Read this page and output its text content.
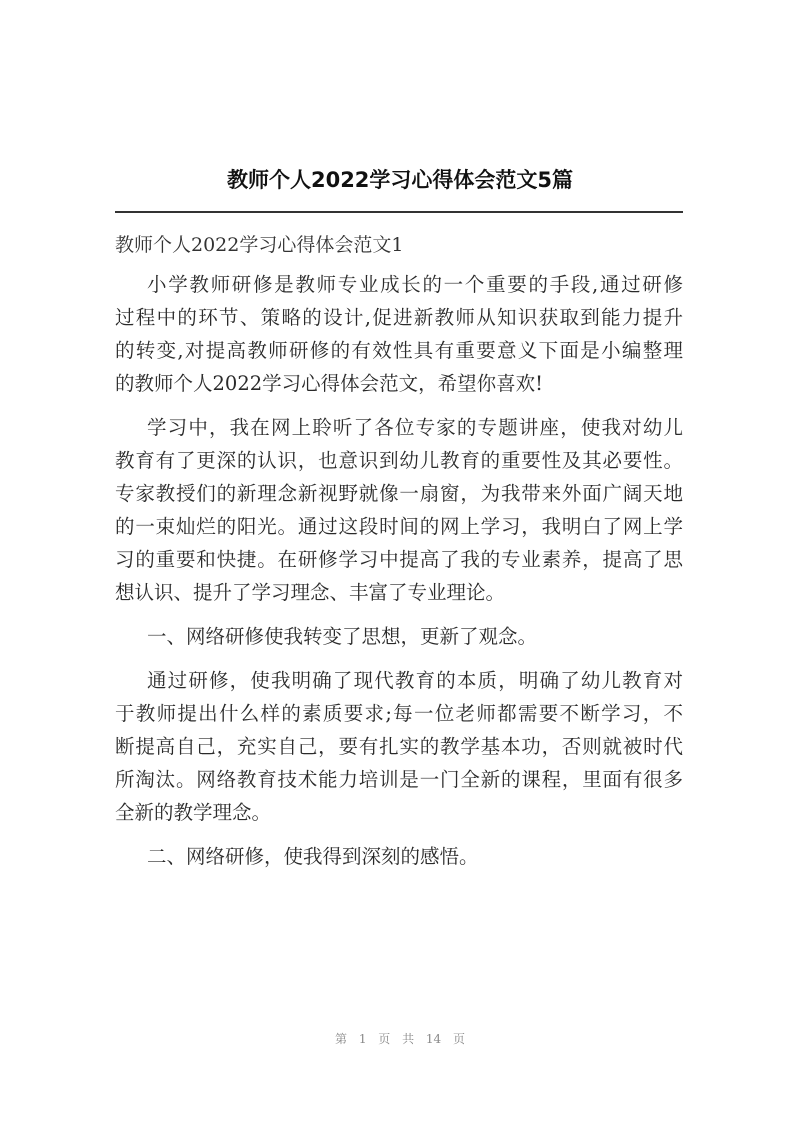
教师个人2022学习心得体会范文5篇
教师个人2022学习心得体会范文1
小学教师研修是教师专业成长的一个重要的手段,通过研修
过程中的环节、策略的设计,促进新教师从知识获取到能力提升
的转变,对提高教师研修的有效性具有重要意义下面是小编整理
的教师个人2022学习心得体会范文，希望你喜欢!
学习中，我在网上聆听了各位专家的专题讲座，使我对幼儿
教育有了更深的认识，也意识到幼儿教育的重要性及其必要性。
专家教授们的新理念新视野就像一扇窗，为我带来外面广阔天地
的一束灿烂的阳光。通过这段时间的网上学习，我明白了网上学
习的重要和快捷。在研修学习中提高了我的专业素养，提高了思
想认识、提升了学习理念、丰富了专业理论。
一、网络研修使我转变了思想，更新了观念。
通过研修，使我明确了现代教育的本质，明确了幼儿教育对
于教师提出什么样的素质要求;每一位老师都需要不断学习，不
断提高自己，充实自己，要有扎实的教学基本功，否则就被时代
所淘汰。网络教育技术能力培训是一门全新的课程，里面有很多
全新的教学理念。
二、网络研修，使我得到深刻的感悟。
第 1 页 共 14 页
